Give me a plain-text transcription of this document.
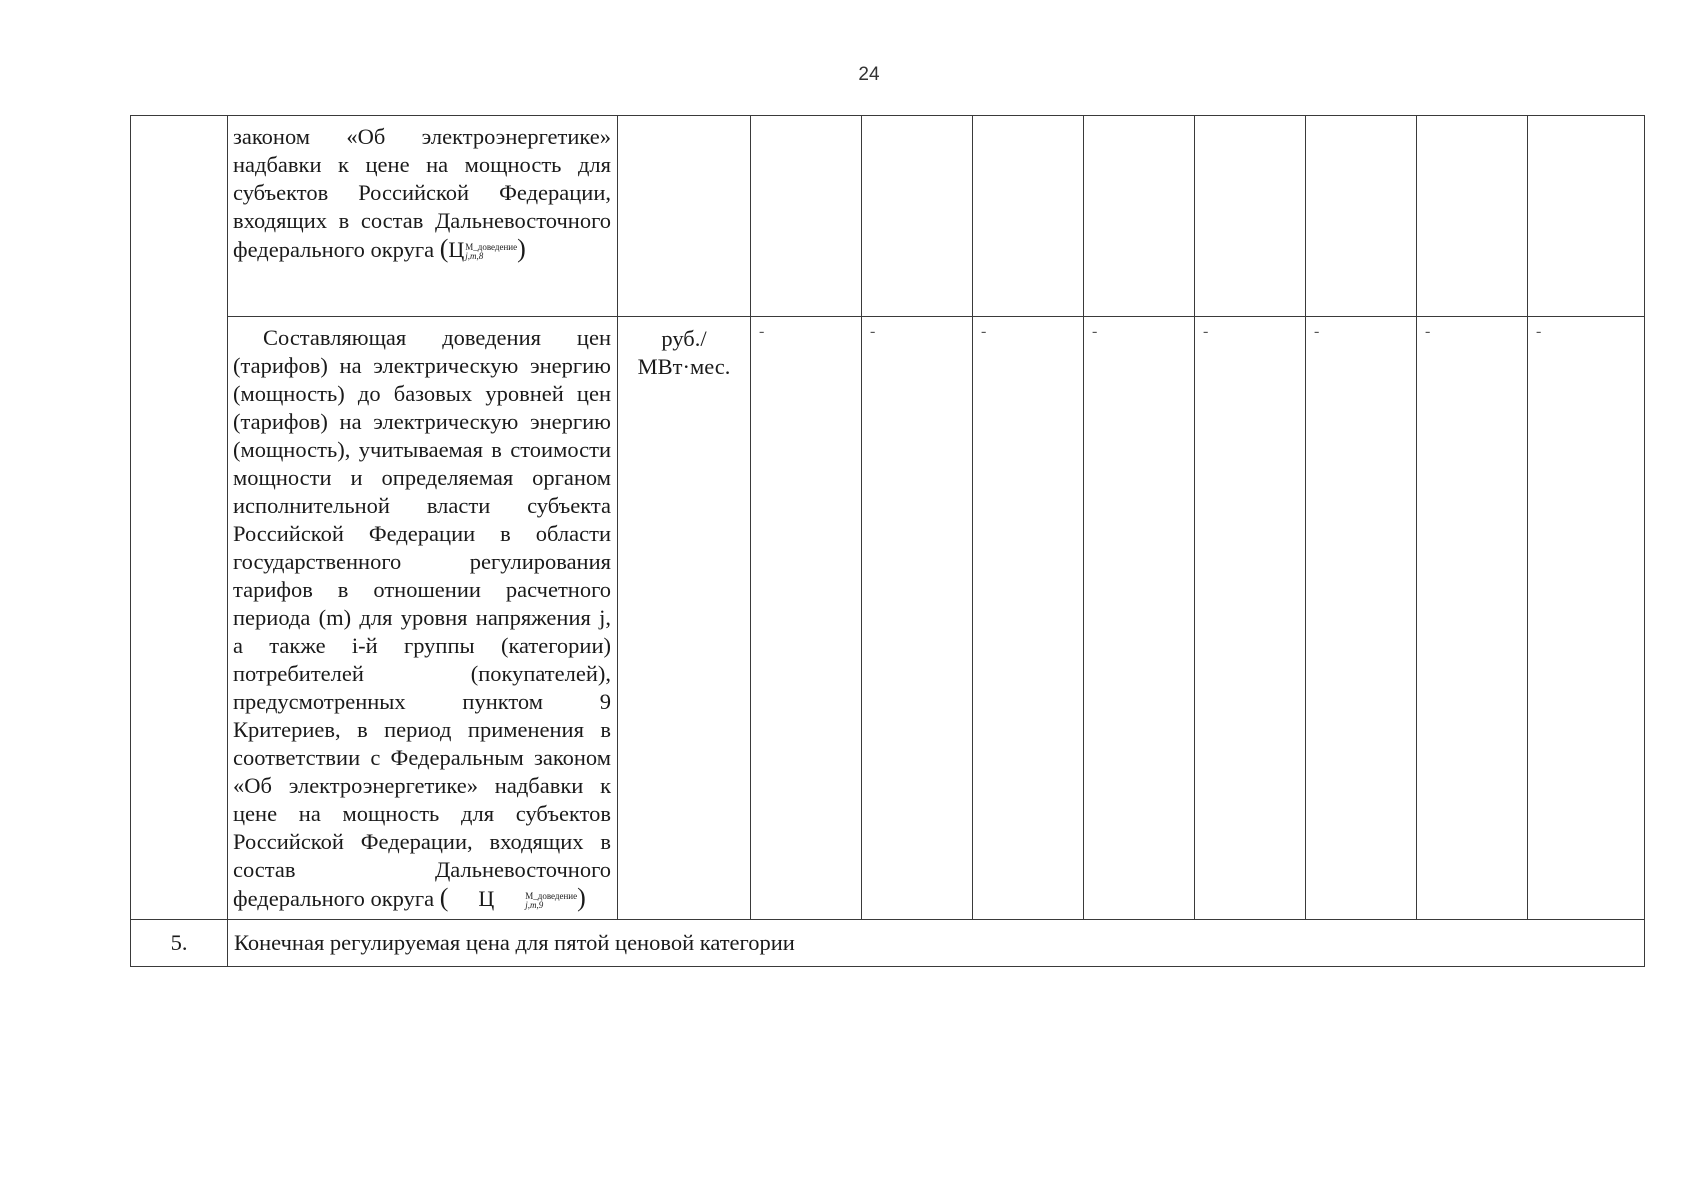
24

	законом «Об электроэнергетике» надбавки к цене на мощность для субъектов Российской Федерации, входящих в состав Дальневосточного федерального округа (Ц М_доведение
j,m,8 )									

	Составляющая доведения цен (тарифов) на электрическую энергию (мощность) до базовых уровней цен (тарифов) на электрическую энергию (мощность), учитываемая в стоимости мощности и определяемая органом исполнительной власти субъекта Российской Федерации в области государственного регулирования тарифов в отношении расчетного периода (m) для уровня напряжения j, а также i-й группы (категории) потребителей (покупателей), предусмотренных пунктом 9 Критериев, в период применения в соответствии с Федеральным законом «Об электроэнергетике» надбавки к цене на мощность для субъектов Российской Федерации, входящих в состав Дальневосточного федерального округа ( Ц М_доведение
j,m,9 )	руб./ МВт·мес.	-	-	-	-	-	-	-	-

5.	Конечная регулируемая цена для пятой ценовой категории									
